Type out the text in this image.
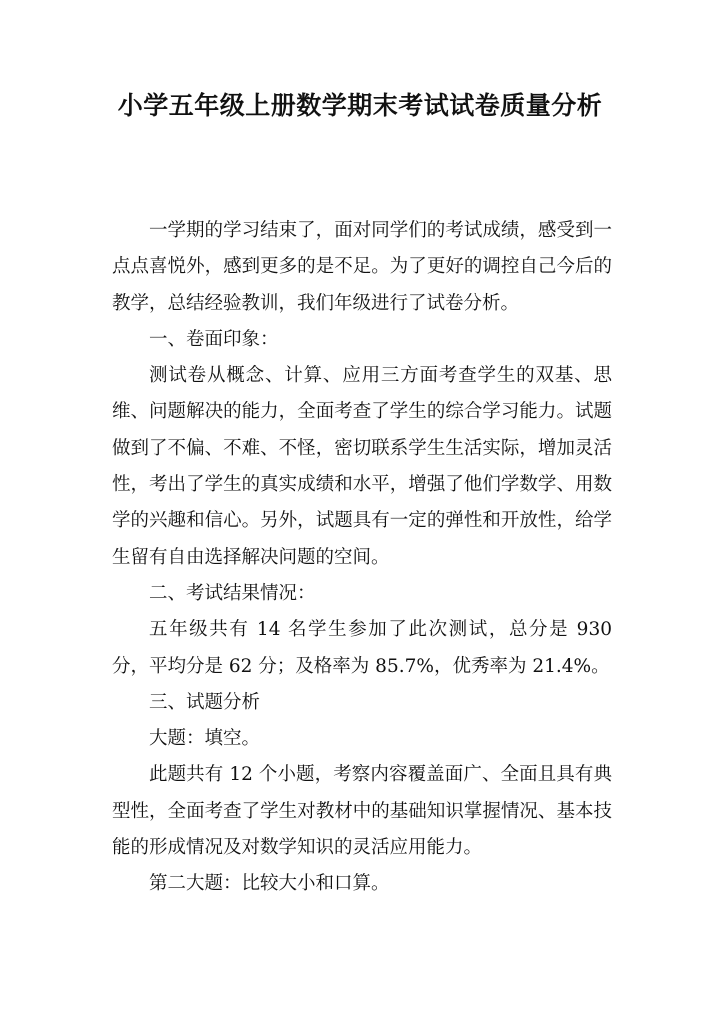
小学五年级上册数学期末考试试卷质量分析

一学期的学习结束了，面对同学们的考试成绩，感受到一点点喜悦外，感到更多的是不足。为了更好的调控自己今后的教学，总结经验教训，我们年级进行了试卷分析。

一、卷面印象：

测试卷从概念、计算、应用三方面考查学生的双基、思维、问题解决的能力，全面考查了学生的综合学习能力。试题做到了不偏、不难、不怪，密切联系学生生活实际，增加灵活性，考出了学生的真实成绩和水平，增强了他们学数学、用数学的兴趣和信心。另外，试题具有一定的弹性和开放性，给学生留有自由选择解决问题的空间。

二、考试结果情况：

五年级共有 14 名学生参加了此次测试，总分是 930 分，平均分是 62 分；及格率为 85.7%，优秀率为 21.4%。

三、试题分析

大题：填空。

此题共有 12 个小题，考察内容覆盖面广、全面且具有典型性，全面考查了学生对教材中的基础知识掌握情况、基本技能的形成情况及对数学知识的灵活应用能力。

第二大题：比较大小和口算。
